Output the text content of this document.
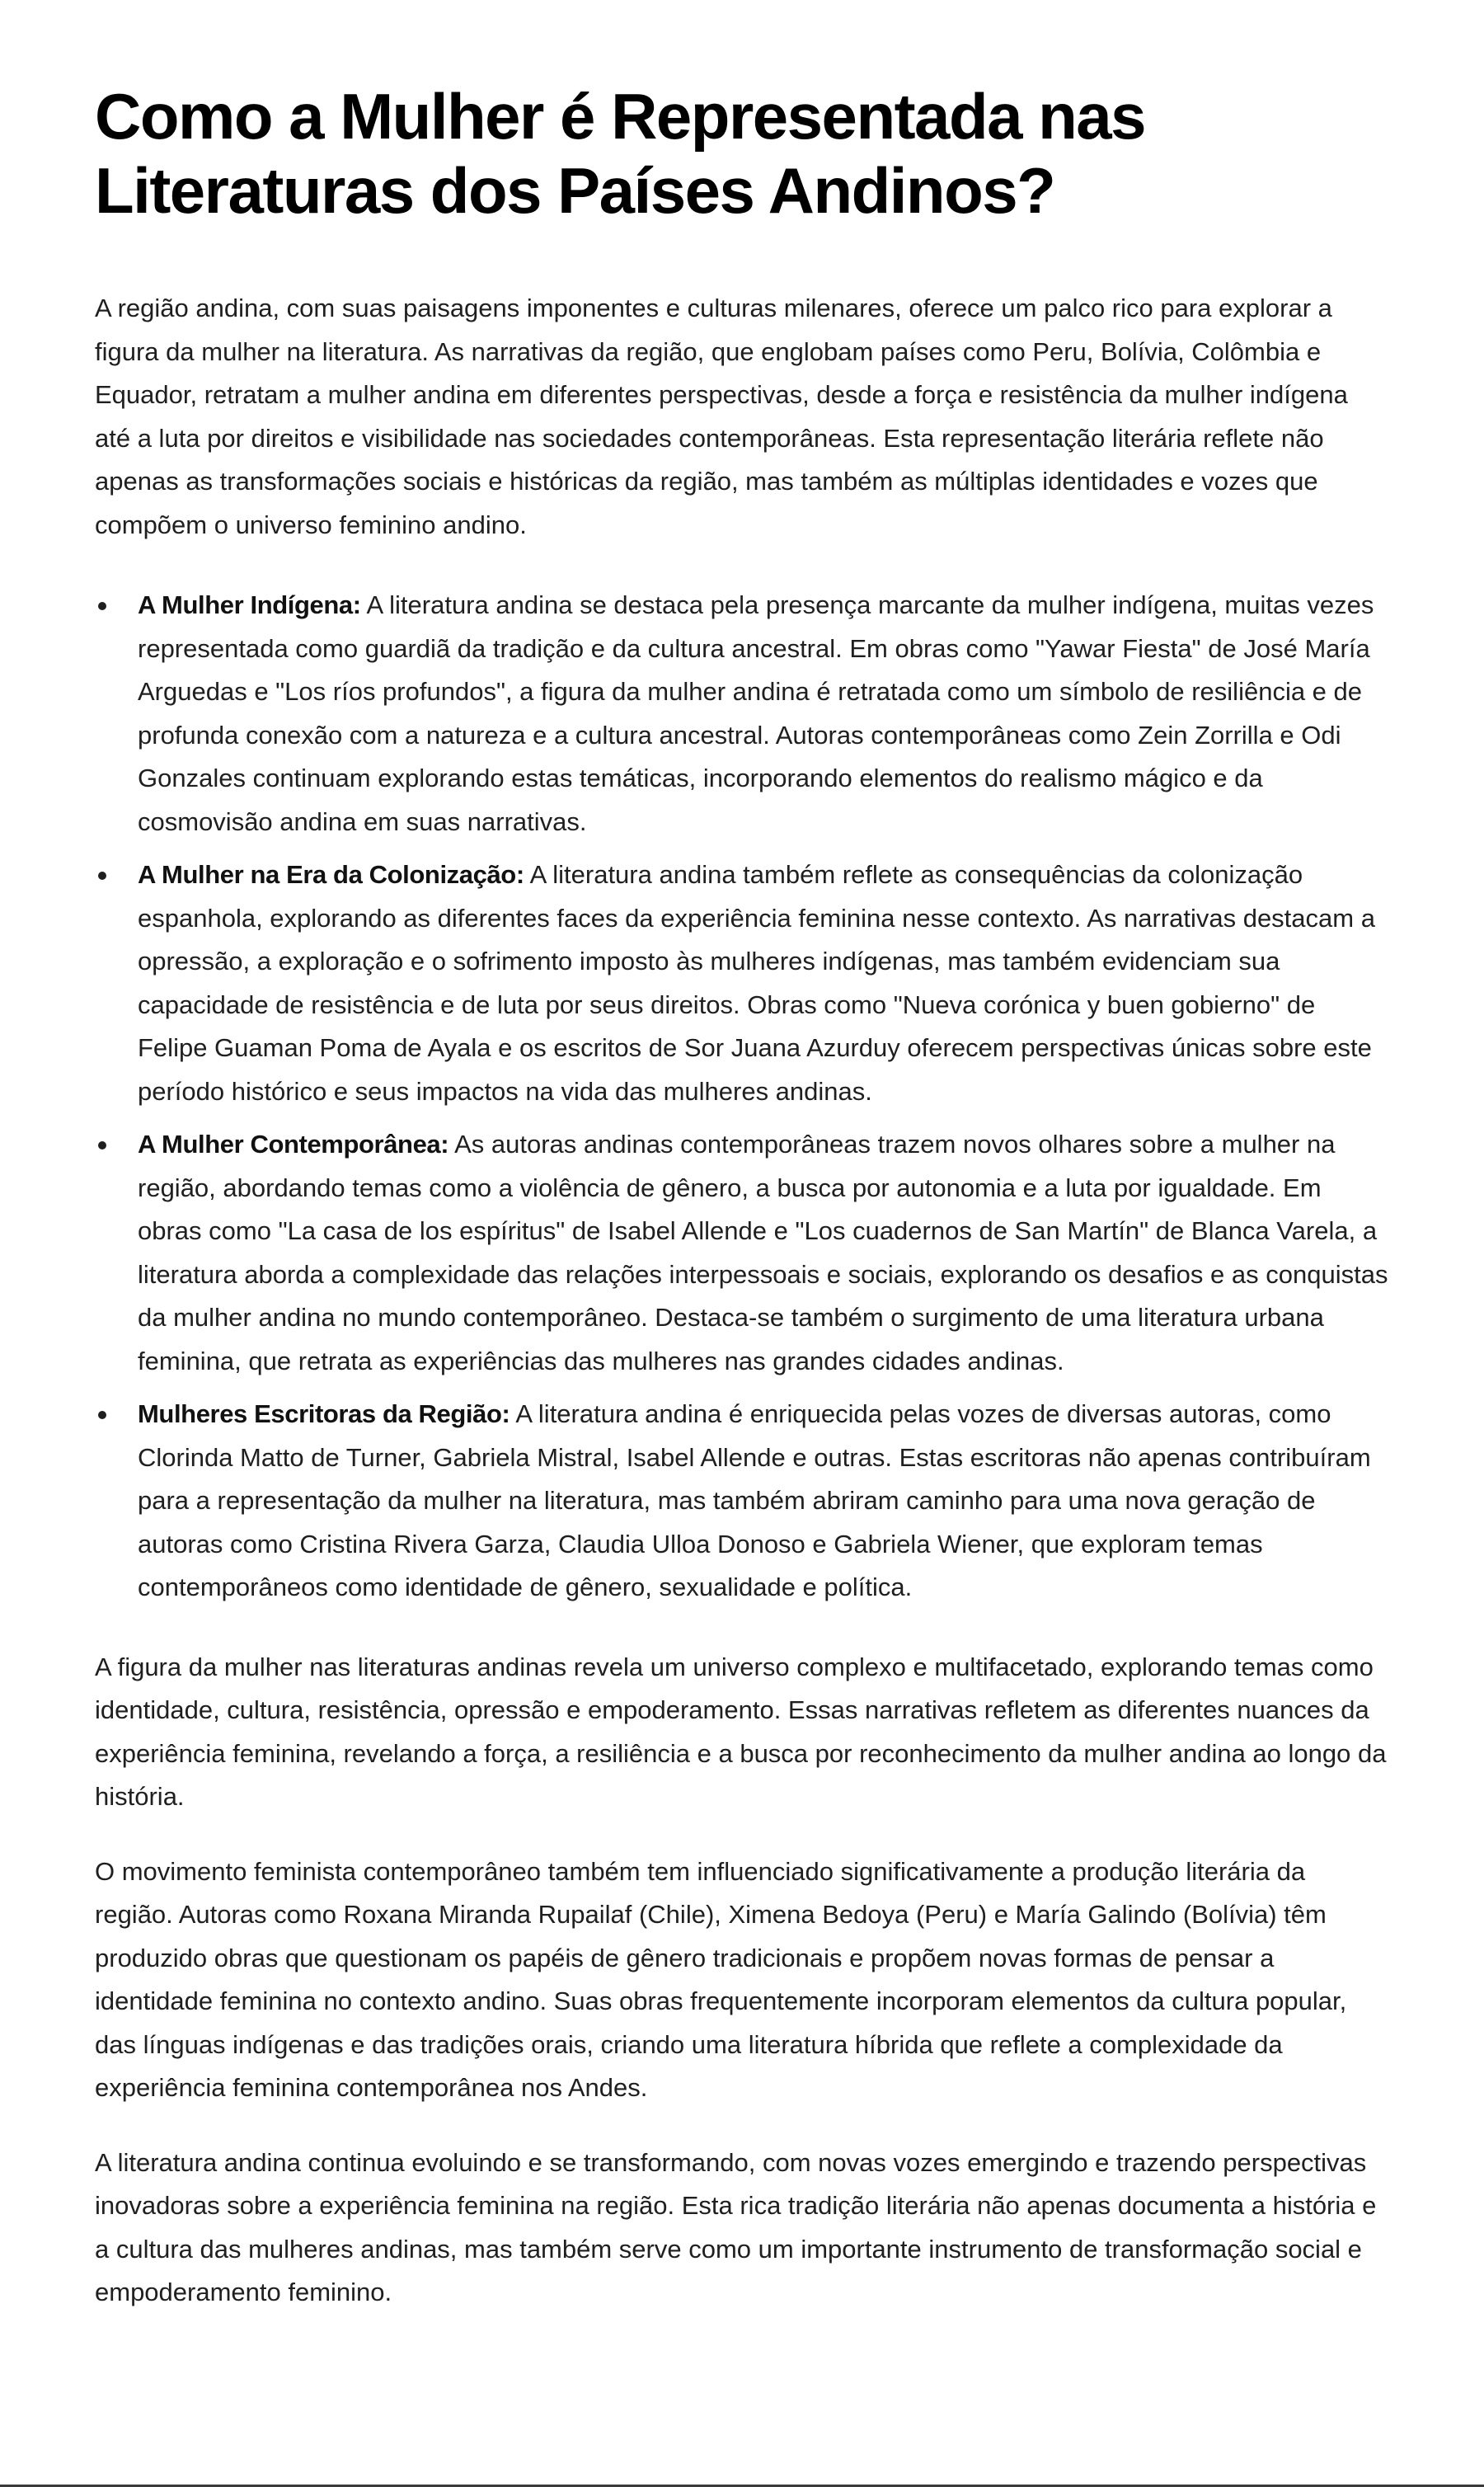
Como a Mulher é Representada nas Literaturas dos Países Andinos?

A região andina, com suas paisagens imponentes e culturas milenares, oferece um palco rico para explorar a figura da mulher na literatura. As narrativas da região, que englobam países como Peru, Bolívia, Colômbia e Equador, retratam a mulher andina em diferentes perspectivas, desde a força e resistência da mulher indígena até a luta por direitos e visibilidade nas sociedades contemporâneas. Esta representação literária reflete não apenas as transformações sociais e históricas da região, mas também as múltiplas identidades e vozes que compõem o universo feminino andino.

A Mulher Indígena: A literatura andina se destaca pela presença marcante da mulher indígena, muitas vezes representada como guardiã da tradição e da cultura ancestral. Em obras como "Yawar Fiesta" de José María Arguedas e "Los ríos profundos", a figura da mulher andina é retratada como um símbolo de resiliência e de profunda conexão com a natureza e a cultura ancestral. Autoras contemporâneas como Zein Zorrilla e Odi Gonzales continuam explorando estas temáticas, incorporando elementos do realismo mágico e da cosmovisão andina em suas narrativas.
A Mulher na Era da Colonização: A literatura andina também reflete as consequências da colonização espanhola, explorando as diferentes faces da experiência feminina nesse contexto. As narrativas destacam a opressão, a exploração e o sofrimento imposto às mulheres indígenas, mas também evidenciam sua capacidade de resistência e de luta por seus direitos. Obras como "Nueva corónica y buen gobierno" de Felipe Guaman Poma de Ayala e os escritos de Sor Juana Azurduy oferecem perspectivas únicas sobre este período histórico e seus impactos na vida das mulheres andinas.
A Mulher Contemporânea: As autoras andinas contemporâneas trazem novos olhares sobre a mulher na região, abordando temas como a violência de gênero, a busca por autonomia e a luta por igualdade. Em obras como "La casa de los espíritus" de Isabel Allende e "Los cuadernos de San Martín" de Blanca Varela, a literatura aborda a complexidade das relações interpessoais e sociais, explorando os desafios e as conquistas da mulher andina no mundo contemporâneo. Destaca-se também o surgimento de uma literatura urbana feminina, que retrata as experiências das mulheres nas grandes cidades andinas.
Mulheres Escritoras da Região: A literatura andina é enriquecida pelas vozes de diversas autoras, como Clorinda Matto de Turner, Gabriela Mistral, Isabel Allende e outras. Estas escritoras não apenas contribuíram para a representação da mulher na literatura, mas também abriram caminho para uma nova geração de autoras como Cristina Rivera Garza, Claudia Ulloa Donoso e Gabriela Wiener, que exploram temas contemporâneos como identidade de gênero, sexualidade e política.

A figura da mulher nas literaturas andinas revela um universo complexo e multifacetado, explorando temas como identidade, cultura, resistência, opressão e empoderamento. Essas narrativas refletem as diferentes nuances da experiência feminina, revelando a força, a resiliência e a busca por reconhecimento da mulher andina ao longo da história.

O movimento feminista contemporâneo também tem influenciado significativamente a produção literária da região. Autoras como Roxana Miranda Rupailaf (Chile), Ximena Bedoya (Peru) e María Galindo (Bolívia) têm produzido obras que questionam os papéis de gênero tradicionais e propõem novas formas de pensar a identidade feminina no contexto andino. Suas obras frequentemente incorporam elementos da cultura popular, das línguas indígenas e das tradições orais, criando uma literatura híbrida que reflete a complexidade da experiência feminina contemporânea nos Andes.

A literatura andina continua evoluindo e se transformando, com novas vozes emergindo e trazendo perspectivas inovadoras sobre a experiência feminina na região. Esta rica tradição literária não apenas documenta a história e a cultura das mulheres andinas, mas também serve como um importante instrumento de transformação social e empoderamento feminino.
